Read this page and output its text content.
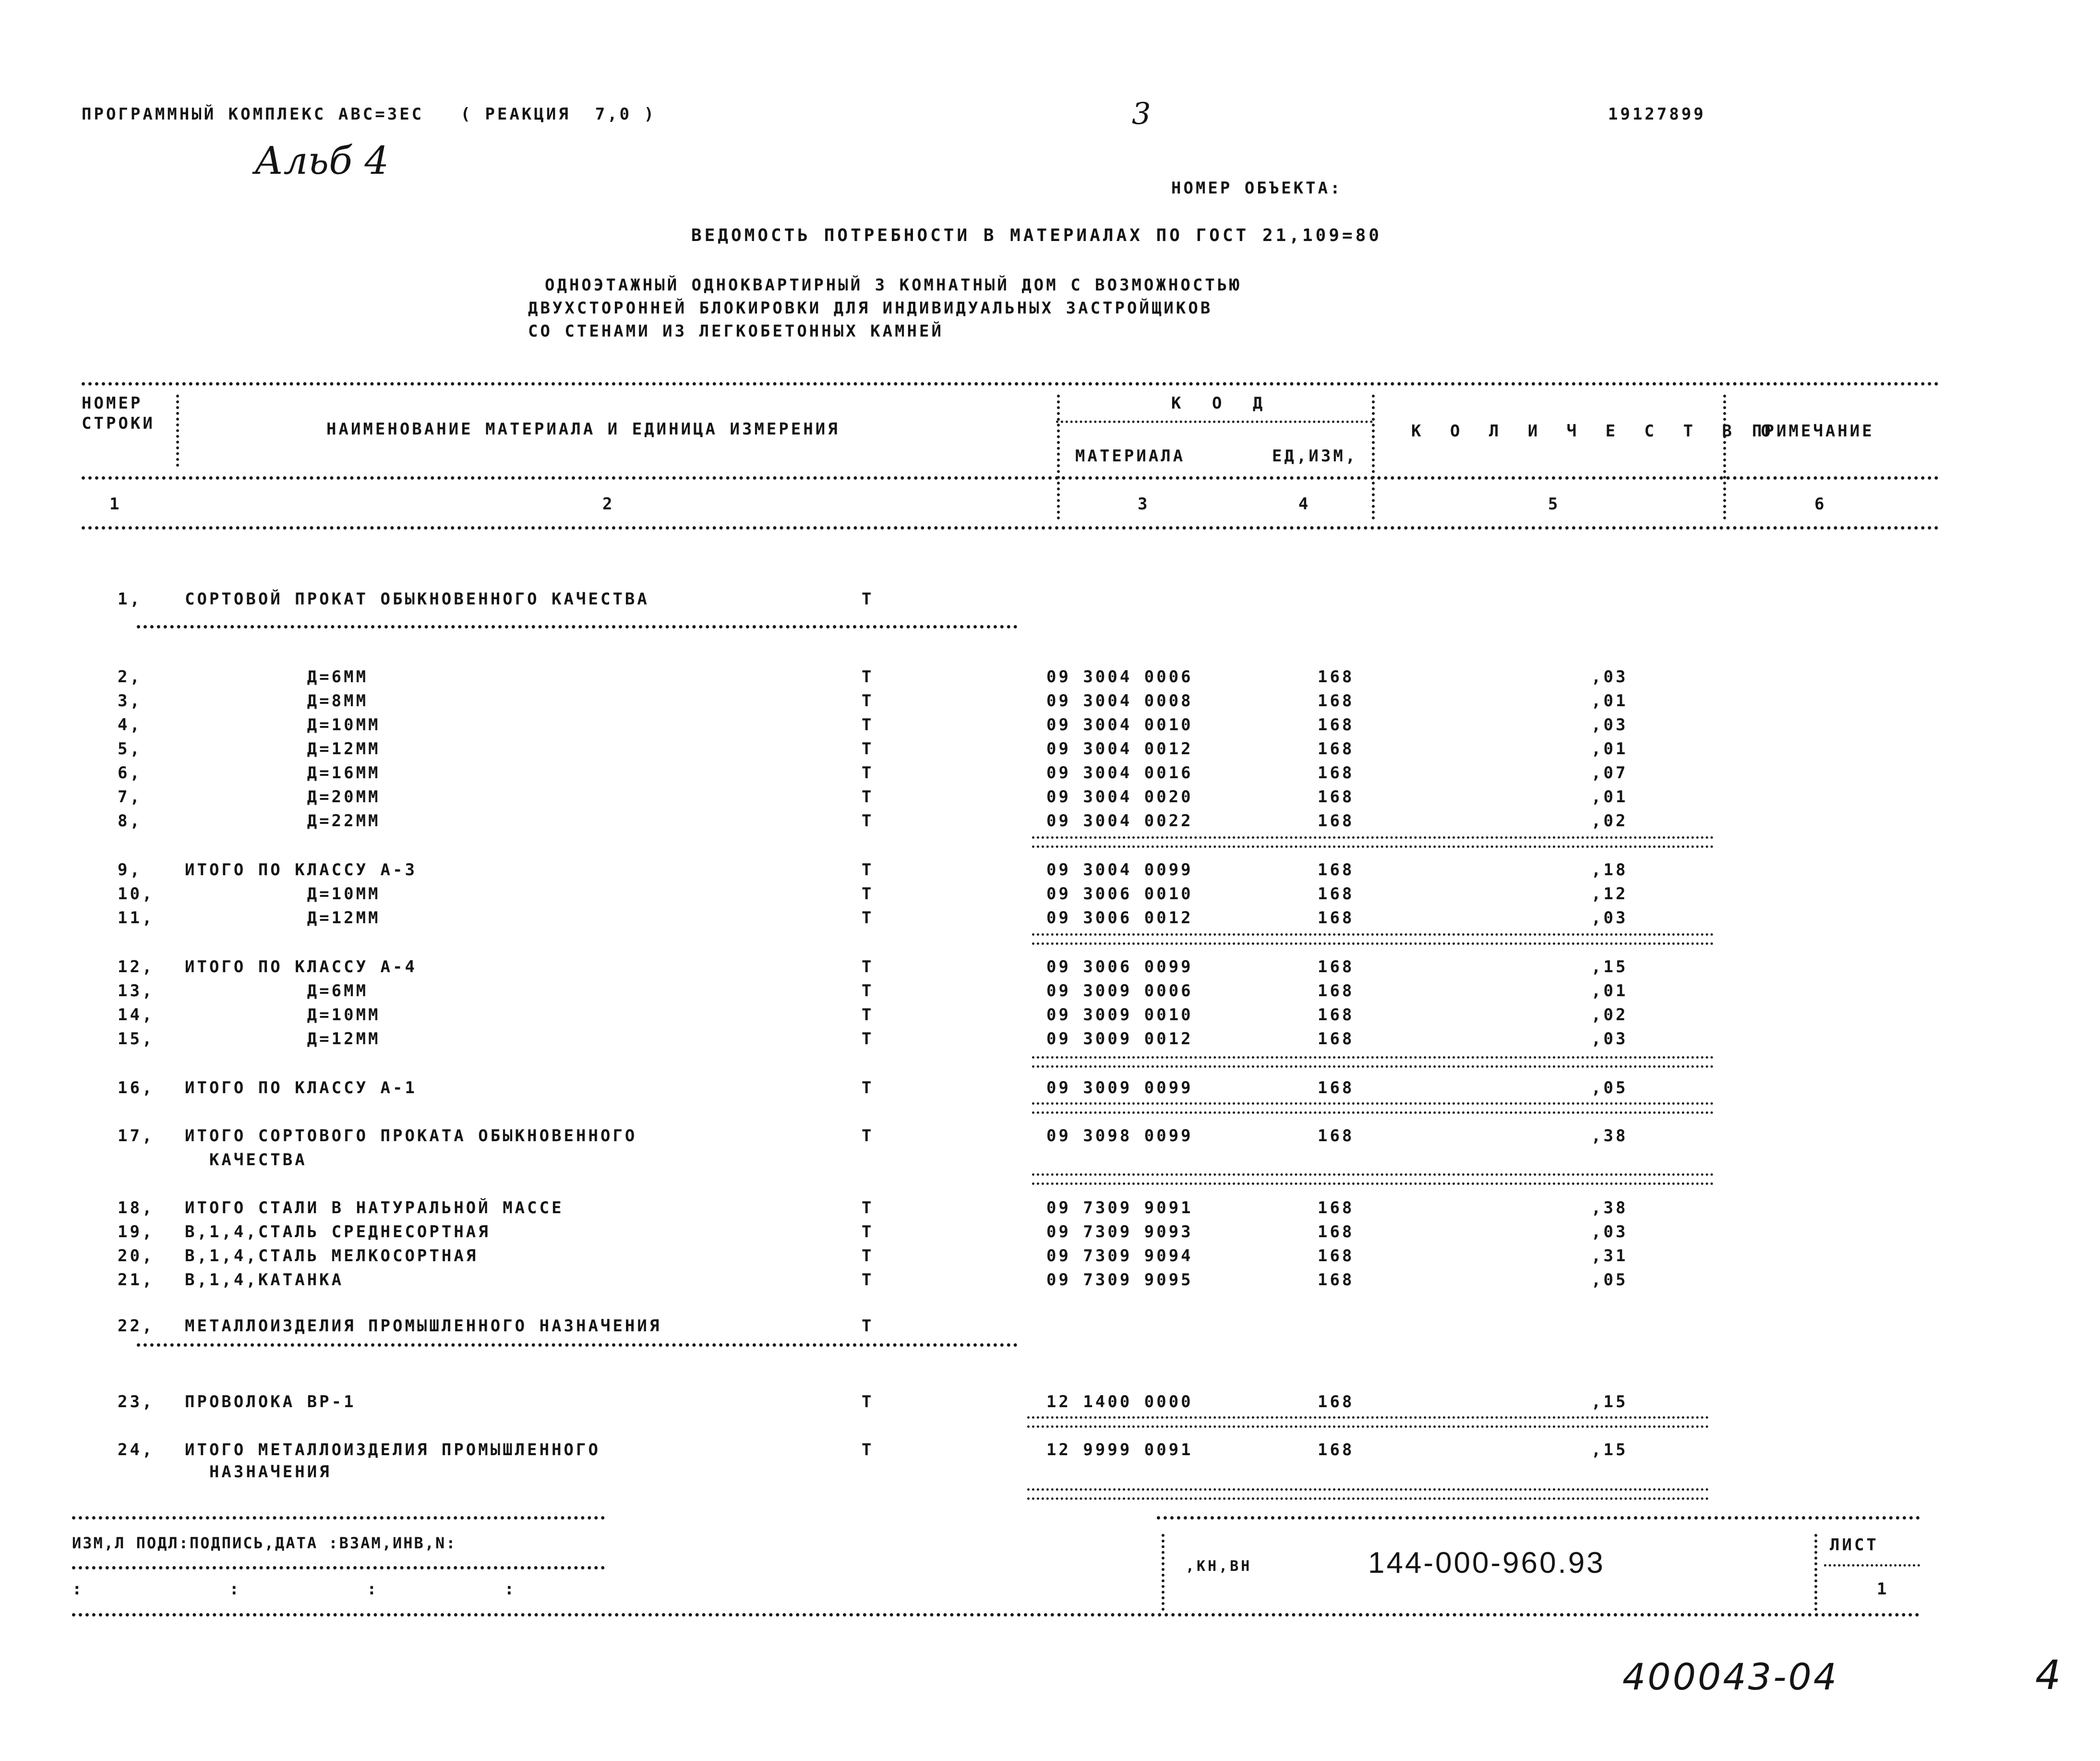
ПРОГРАММНЫЙ КОМПЛЕКС АВС=3ЕС   ( РЕАКЦИЯ  7,0 )
Альб 4
3	19127899
НОМЕР ОБЪЕКТА:
ВЕДОМОСТЬ ПОТРЕБНОСТИ В МАТЕРИАЛАХ ПО ГОСТ 21,109=80
ОДНОЭТАЖНЫЙ ОДНОКВАРТИРНЫЙ 3 КОМНАТНЫЙ ДОМ С ВОЗМОЖНОСТЬЮ
ДВУХСТОРОННЕЙ БЛОКИРОВКИ ДЛЯ ИНДИВИДУАЛЬНЫХ ЗАСТРОЙЩИКОВ
СО СТЕНАМИ ИЗ ЛЕГКОБЕТОННЫХ КАМНЕЙ
НОМЕР
СТРОКИ	НАИМЕНОВАНИЕ МАТЕРИАЛА И ЕДИНИЦА ИЗМЕРЕНИЯ
К О Д
МАТЕРИАЛА	ЕД,ИЗМ,
К О Л И Ч Е С Т В О
ПРИМЕЧАНИЕ
1	2	3	4	5	6
1,	СОРТОВОЙ ПРОКАТ ОБЫКНОВЕННОГО КАЧЕСТВА	Т
2,	Д=6ММ	Т	09 3004 0006	168	,03
3,	Д=8ММ	Т	09 3004 0008	168	,01
4,	Д=10ММ	Т	09 3004 0010	168	,03
5,	Д=12ММ	Т	09 3004 0012	168	,01
6,	Д=16ММ	Т	09 3004 0016	168	,07
7,	Д=20ММ	Т	09 3004 0020	168	,01
8,	Д=22ММ	Т	09 3004 0022	168	,02
9,	ИТОГО ПО КЛАССУ А-3	Т	09 3004 0099	168	,18
10, Д=10ММ	Т	09 3006 0010	168	,12
11, Д=12ММ	Т	09 3006 0012	168	,03
12, ИТОГО ПО КЛАССУ А-4	Т	09 3006 0099	168	,15
13, Д=6ММ	Т	09 3009 0006	168	,01
14, Д=10ММ	Т	09 3009 0010	168	,02
15, Д=12ММ	Т	09 3009 0012	168	,03
16, ИТОГО ПО КЛАССУ А-1	Т	09 3009 0099	168	,05
17, ИТОГО СОРТОВОГО ПРОКАТА ОБЫКНОВЕННОГО	Т	09 3098 0099	168	,38
КАЧЕСТВА
18, ИТОГО СТАЛИ В НАТУРАЛЬНОЙ МАССЕ	Т	09 7309 9091	168	,38
19, В,1,4,СТАЛЬ СРЕДНЕСОРТНАЯ	Т	09 7309 9093	168	,03
20, В,1,4,СТАЛЬ МЕЛКОСОРТНАЯ	Т	09 7309 9094	168	,31
21, В,1,4,КАТАНКА	Т	09 7309 9095	168	,05
22, МЕТАЛЛОИЗДЕЛИЯ ПРОМЫШЛЕННОГО НАЗНАЧЕНИЯ	Т
23, ПРОВОЛОКА ВР-1	Т	12 1400 0000	168	,15
24, ИТОГО МЕТАЛЛОИЗДЕЛИЯ ПРОМЫШЛЕННОГО	Т	12 9999 0091	168	,15
НАЗНАЧЕНИЯ
ИЗМ,Л ПОДЛ:ПОДПИСЬ,ДАТА :ВЗАМ,ИНВ,N:
:               :             :             :
,КН,ВН	144-000-960.93
ЛИСТ
1
400043-04	4
